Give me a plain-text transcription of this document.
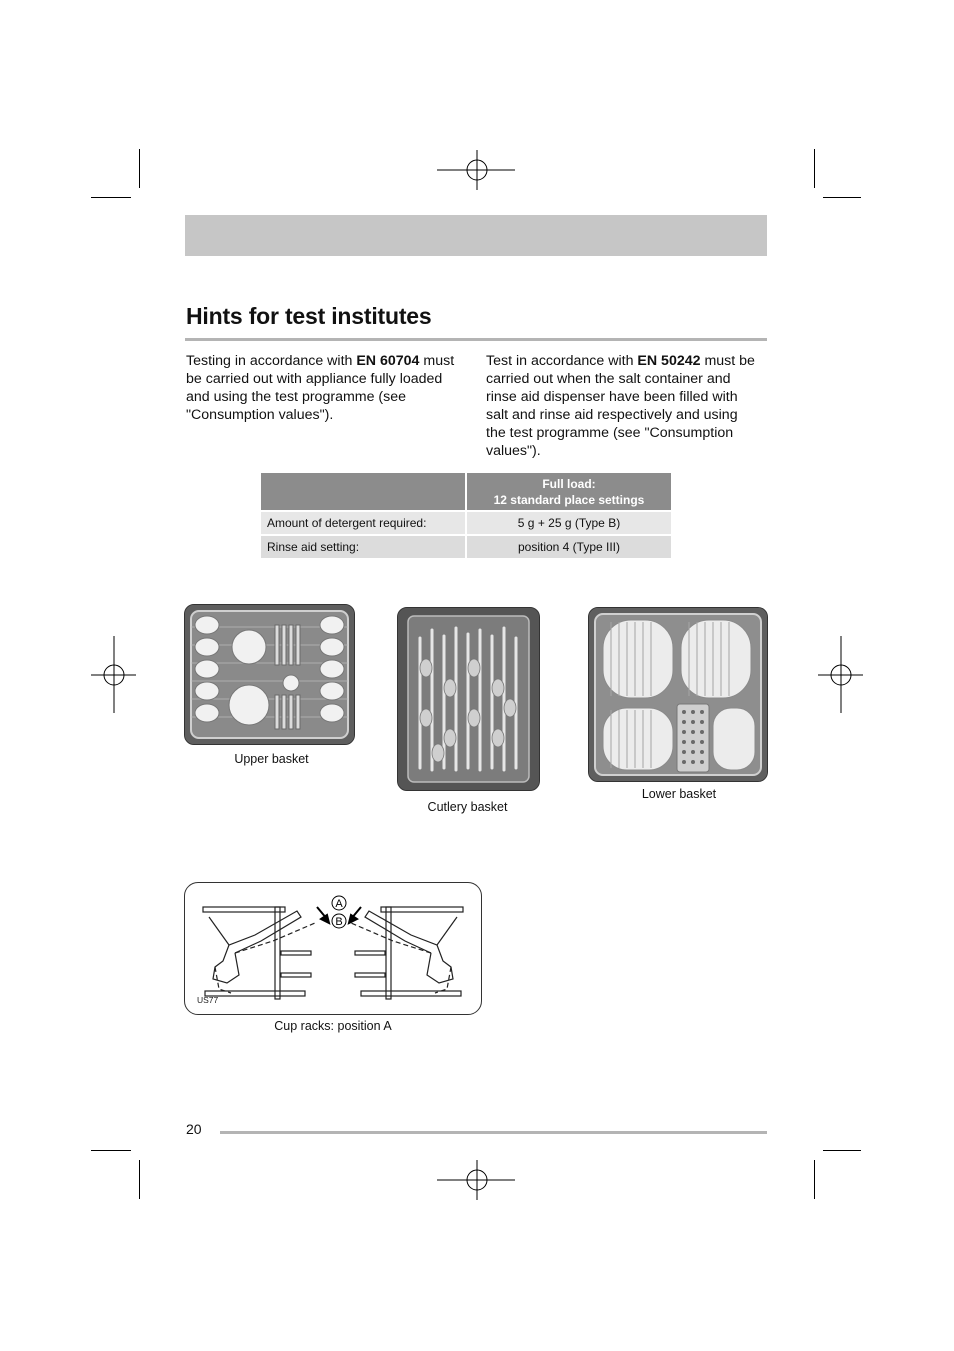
Hints for test institutes

Testing in accordance with EN 60704 must be carried out with appliance fully loaded and using the test programme (see "Consumption values").

Test in accordance with EN 50242 must be carried out when the salt container and rinse aid dispenser have been filled with salt and rinse aid respectively and using the test programme (see "Consumption values").

	Full load:
12 standard place settings

Amount of detergent required:	5 g + 25 g (Type B)
Rinse aid setting:	position 4 (Type III)
Upper basket
Cutlery basket
Lower basket
A
B
US77
Cup racks: position A
20
